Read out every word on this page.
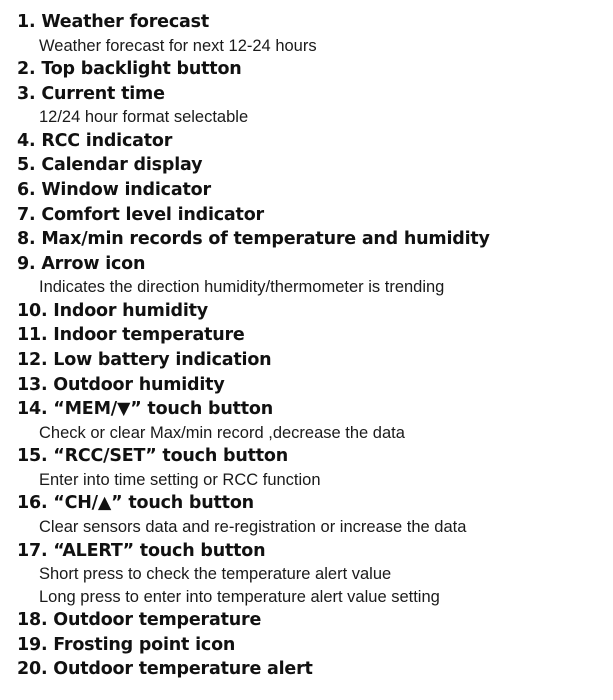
1. Weather forecast
Weather forecast for next 12-24 hours
2. Top backlight button
3. Current time
12/24 hour format selectable
4. RCC indicator
5. Calendar display
6. Window indicator
7. Comfort level indicator
8. Max/min records of temperature and humidity
9. Arrow icon
Indicates the direction humidity/thermometer is trending
10. Indoor humidity
11. Indoor temperature
12. Low battery indication
13. Outdoor humidity
14. “MEM/▼” touch button
Check or clear Max/min record ,decrease the data
15. “RCC/SET” touch button
Enter into time setting or RCC function
16. “CH/▲” touch button
Clear sensors data and re-registration or increase the data
17. “ALERT” touch button
Short press to check the temperature alert value
Long press to enter into temperature alert value setting
18. Outdoor temperature
19. Frosting point icon
20. Outdoor temperature alert
